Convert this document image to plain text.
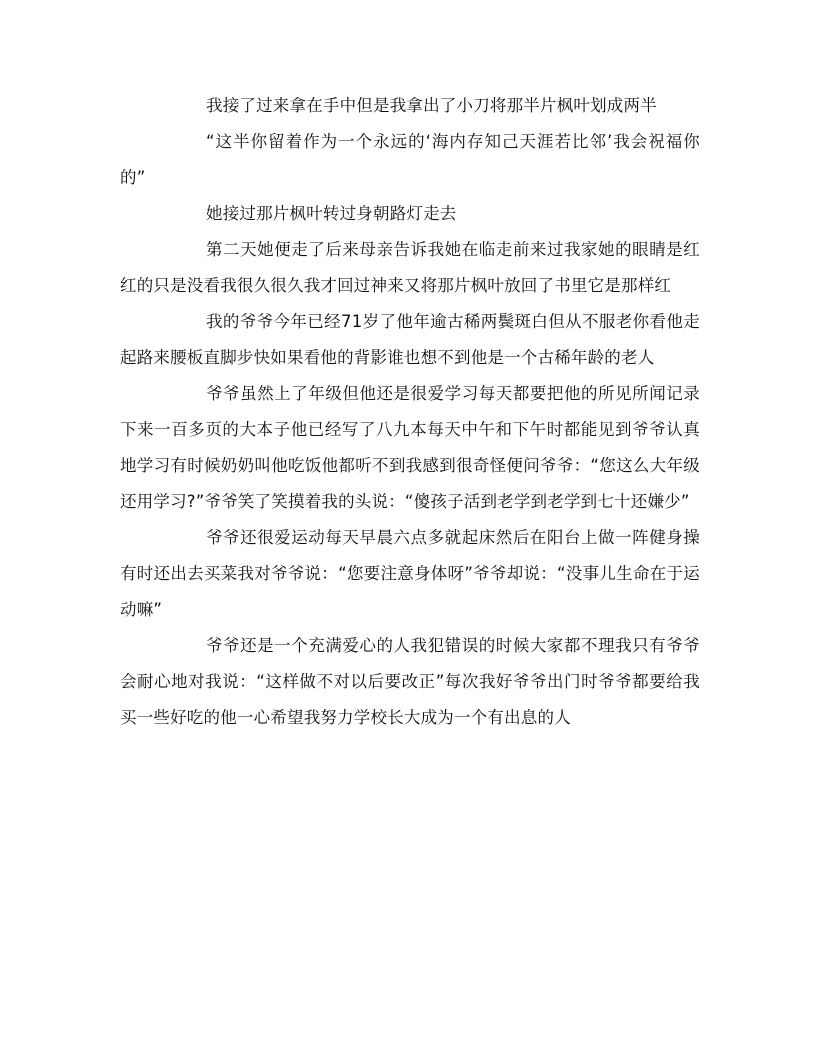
我接了过来拿在手中但是我拿出了小刀将那半片枫叶划成两半

“这半你留着作为一个永远的‘海内存知己天涯若比邻’我会祝福你的”

她接过那片枫叶转过身朝路灯走去

第二天她便走了后来母亲告诉我她在临走前来过我家她的眼睛是红红的只是没看我很久很久我才回过神来又将那片枫叶放回了书里它是那样红

我的爷爷今年已经71岁了他年逾古稀两鬓斑白但从不服老你看他走起路来腰板直脚步快如果看他的背影谁也想不到他是一个古稀年龄的老人

爷爷虽然上了年级但他还是很爱学习每天都要把他的所见所闻记录下来一百多页的大本子他已经写了八九本每天中午和下午时都能见到爷爷认真地学习有时候奶奶叫他吃饭他都听不到我感到很奇怪便问爷爷：“您这么大年级还用学习?”爷爷笑了笑摸着我的头说：“傻孩子活到老学到老学到七十还嫌少”

爷爷还很爱运动每天早晨六点多就起床然后在阳台上做一阵健身操有时还出去买菜我对爷爷说：“您要注意身体呀”爷爷却说：“没事儿生命在于运动嘛”

爷爷还是一个充满爱心的人我犯错误的时候大家都不理我只有爷爷会耐心地对我说：“这样做不对以后要改正”每次我好爷爷出门时爷爷都要给我买一些好吃的他一心希望我努力学校长大成为一个有出息的人
